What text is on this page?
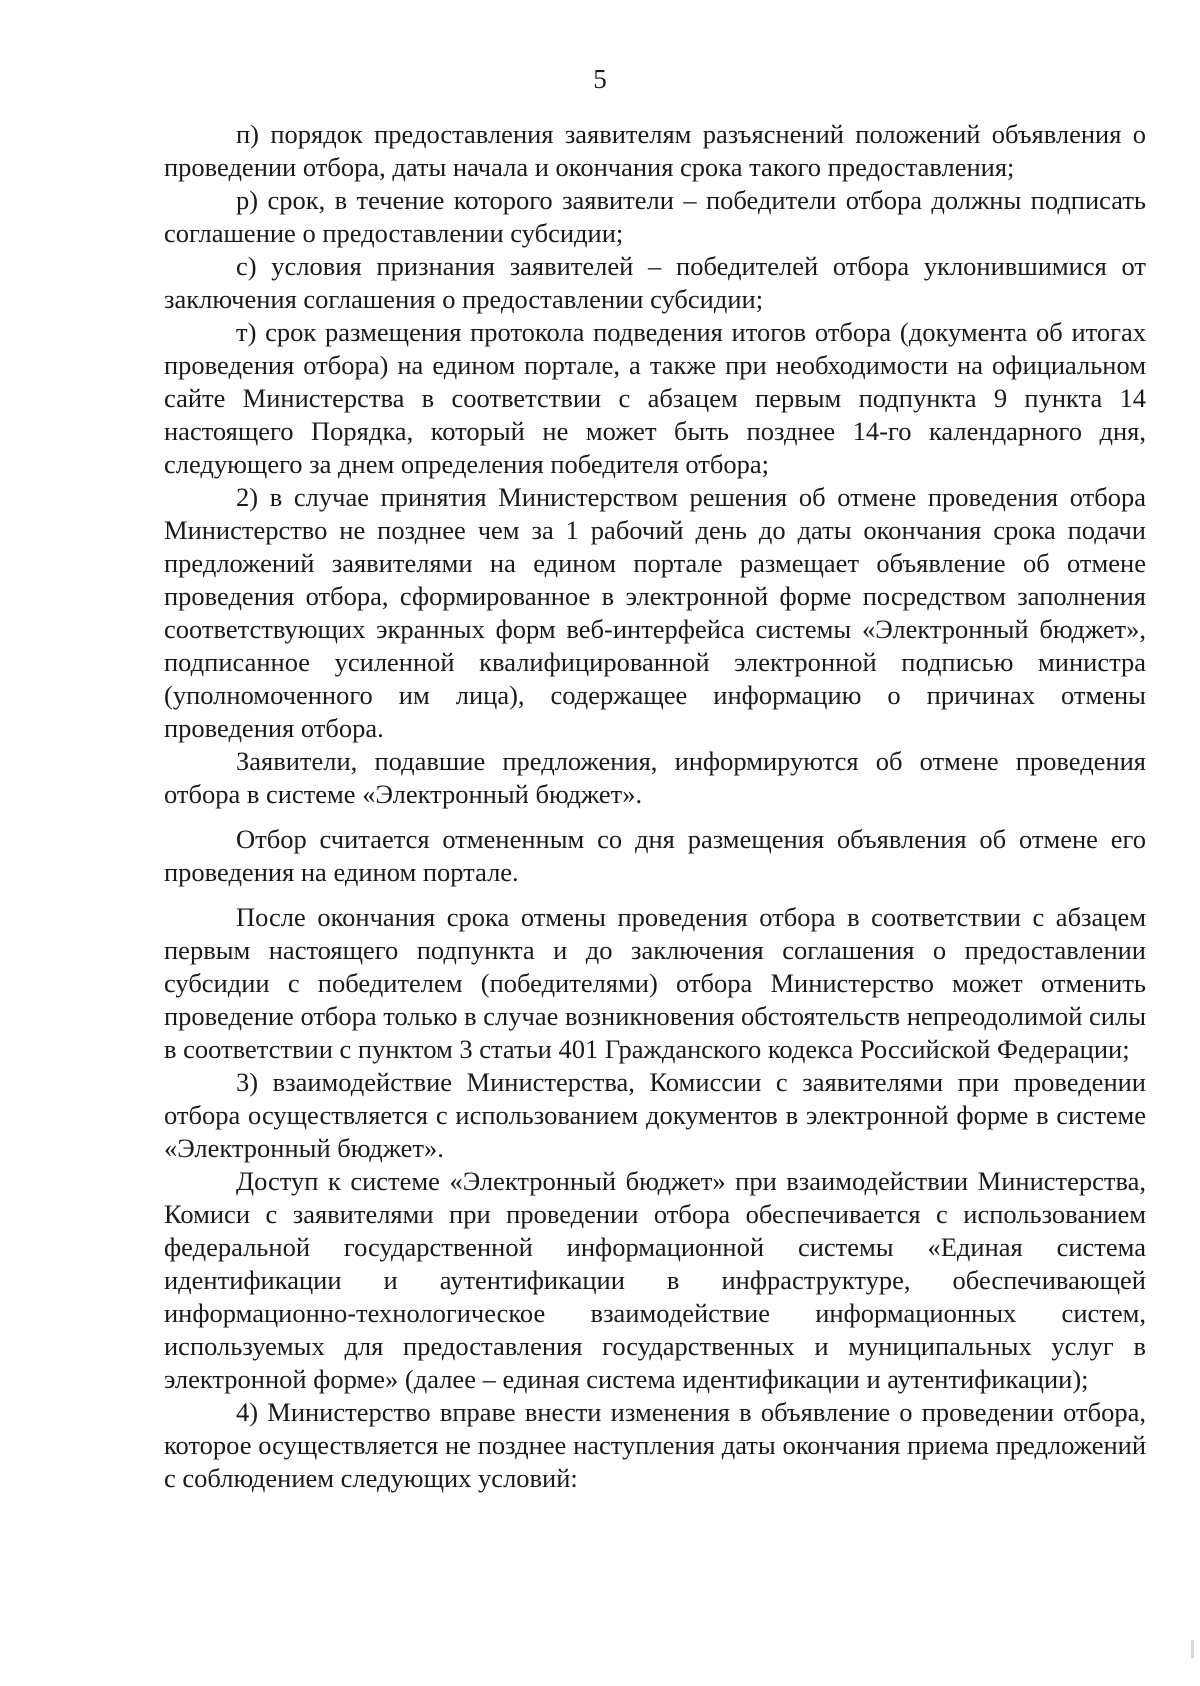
5

п) порядок предоставления заявителям разъяснений положений объявления о проведении отбора, даты начала и окончания срока такого предоставления;

р) срок, в течение которого заявители – победители отбора должны подписать соглашение о предоставлении субсидии;

с) условия признания заявителей – победителей отбора уклонившимися от заключения соглашения о предоставлении субсидии;

т) срок размещения протокола подведения итогов отбора (документа об итогах проведения отбора) на едином портале, а также при необходимости на официальном сайте Министерства в соответствии с абзацем первым подпункта 9 пункта 14 настоящего Порядка, который не может быть позднее 14-го календарного дня, следующего за днем определения победителя отбора;

2) в случае принятия Министерством решения об отмене проведения отбора Министерство не позднее чем за 1 рабочий день до даты окончания срока подачи предложений заявителями на едином портале размещает объявление об отмене проведения отбора, сформированное в электронной форме посредством заполнения соответствующих экранных форм веб-интерфейса системы «Электронный бюджет», подписанное усиленной квалифицированной электронной подписью министра (уполномоченного им лица), содержащее информацию о причинах отмены проведения отбора.

Заявители, подавшие предложения, информируются об отмене проведения отбора в системе «Электронный бюджет».

Отбор считается отмененным со дня размещения объявления об отмене его проведения на едином портале.

После окончания срока отмены проведения отбора в соответствии с абзацем первым настоящего подпункта и до заключения соглашения о предоставлении субсидии с победителем (победителями) отбора Министерство может отменить проведение отбора только в случае возникновения обстоятельств непреодолимой силы в соответствии с пунктом 3 статьи 401 Гражданского кодекса Российской Федерации;

3) взаимодействие Министерства, Комиссии с заявителями при проведении отбора осуществляется с использованием документов в электронной форме в системе «Электронный бюджет».

Доступ к системе «Электронный бюджет» при взаимодействии Министерства, Комиси с заявителями при проведении отбора обеспечивается с использованием федеральной государственной информационной системы «Единая система идентификации и аутентификации в инфраструктуре, обеспечивающей информационно-технологическое взаимодействие информационных систем, используемых для предоставления государственных и муниципальных услуг в электронной форме» (далее – единая система идентификации и аутентификации);

4) Министерство вправе внести изменения в объявление о проведении отбора, которое осуществляется не позднее наступления даты окончания приема предложений с соблюдением следующих условий:
